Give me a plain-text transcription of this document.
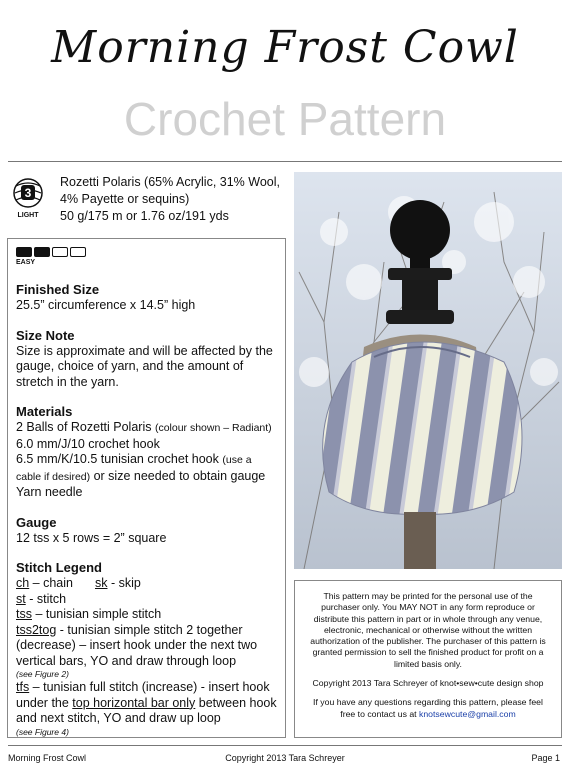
Morning Frost Cowl
Crochet Pattern
3
LIGHT
Rozetti Polaris (65% Acrylic, 31% Wool,
4% Payette or sequins)
50 g/175 m or 1.76 oz/191 yds
EASY
Finished Size
25.5” circumference x 14.5” high
Size Note
Size is approximate and will be affected by the
gauge, choice of yarn, and the amount of
stretch in the yarn.
Materials
2 Balls of Rozetti Polaris (colour shown – Radiant)
6.0 mm/J/10 crochet hook
6.5 mm/K/10.5 tunisian crochet hook (use a
cable if desired) or size needed to obtain gauge
Yarn needle
Gauge
12 tss x 5 rows = 2” square
Stitch Legend
ch – chain sk - skip
st - stitch
tss – tunisian simple stitch
tss2tog - tunisian simple stitch 2 together
(decrease) – insert hook under the next two
vertical bars, YO and draw through loop
(see Figure 2)
tfs – tunisian full stitch (increase) - insert hook
under the top horizontal bar only between hook
and next stitch, YO and draw up loop
(see Figure 4)

This pattern may be printed for the personal use of the
purchaser only. You MAY NOT in any form reproduce or
distribute this pattern in part or in whole through any venue,
electronic, mechanical or otherwise without the written
authorization of the publisher. The purchaser of this pattern is
granted permission to sell the finished product for profit on a
limited basis only.

Copyright 2013 Tara Schreyer of knot•sew•cute design shop

If you have any questions regarding this pattern, please feel
free to contact us at knotsewcute@gmail.com

Morning Frost Cowl	Copyright 2013 Tara Schreyer	Page 1
